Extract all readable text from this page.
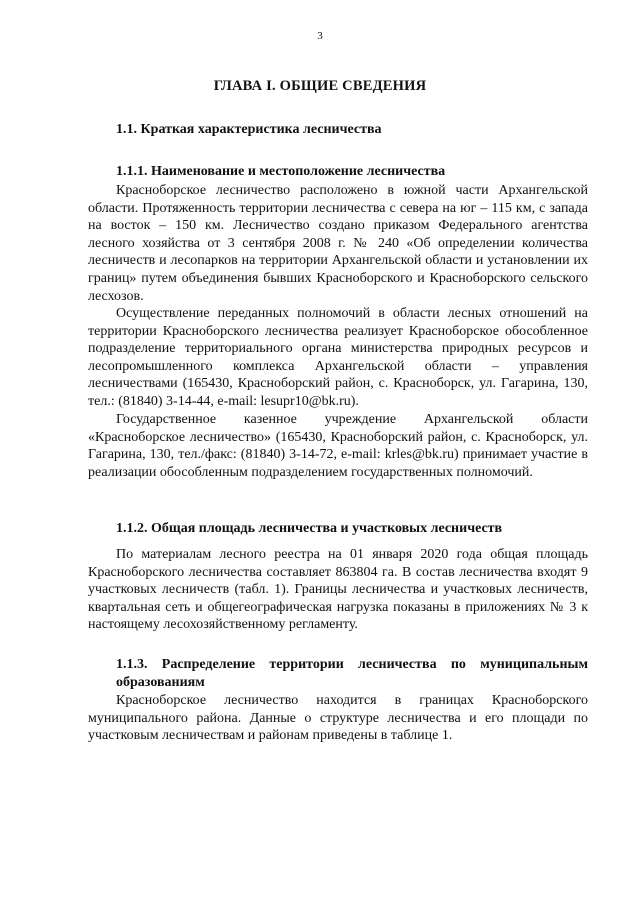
3
ГЛАВА I. ОБЩИЕ СВЕДЕНИЯ
1.1. Краткая характеристика лесничества
1.1.1. Наименование и местоположение лесничества

Красноборское лесничество расположено в южной части Архангельской области. Протяженность территории лесничества с севера на юг – 115 км, с запада на восток – 150 км. Лесничество создано приказом Федерального агентства лесного хозяйства от 3 сентября 2008 г. № 240 «Об определении количества лесничеств и лесопарков на территории Архангельской области и установлении их границ» путем объединения бывших Красноборского и Красноборского сельского лесхозов.

Осуществление переданных полномочий в области лесных отношений на территории Красноборского лесничества реализует Красноборское обособленное подразделение территориального органа министерства природных ресурсов и лесопромышленного комплекса Архангельской области – управления лесничествами (165430, Красноборский район, с. Красноборск, ул. Гагарина, 130, тел.: (81840) 3-14-44, e-mail: lesupr10@bk.ru).

Государственное казенное учреждение Архангельской области «Красноборское лесничество» (165430, Красноборский район, с. Красноборск, ул. Гагарина, 130, тел./факс: (81840) 3-14-72, e-mail: krles@bk.ru) принимает участие в реализации обособленным подразделением государственных полномочий.

1.1.2. Общая площадь лесничества и участковых лесничеств

По материалам лесного реестра на 01 января 2020 года общая площадь Красноборского лесничества составляет 863804 га. В состав лесничества входят 9 участковых лесничеств (табл. 1). Границы лесничества и участковых лесничеств, квартальная сеть и общегеографическая нагрузка показаны в приложениях № 3 к настоящему лесохозяйственному регламенту.

1.1.3. Распределение территории лесничества по муниципальным образованиям

Красноборское лесничество находится в границах Красноборского муниципального района. Данные о структуре лесничества и его площади по участковым лесничествам и районам приведены в таблице 1.
